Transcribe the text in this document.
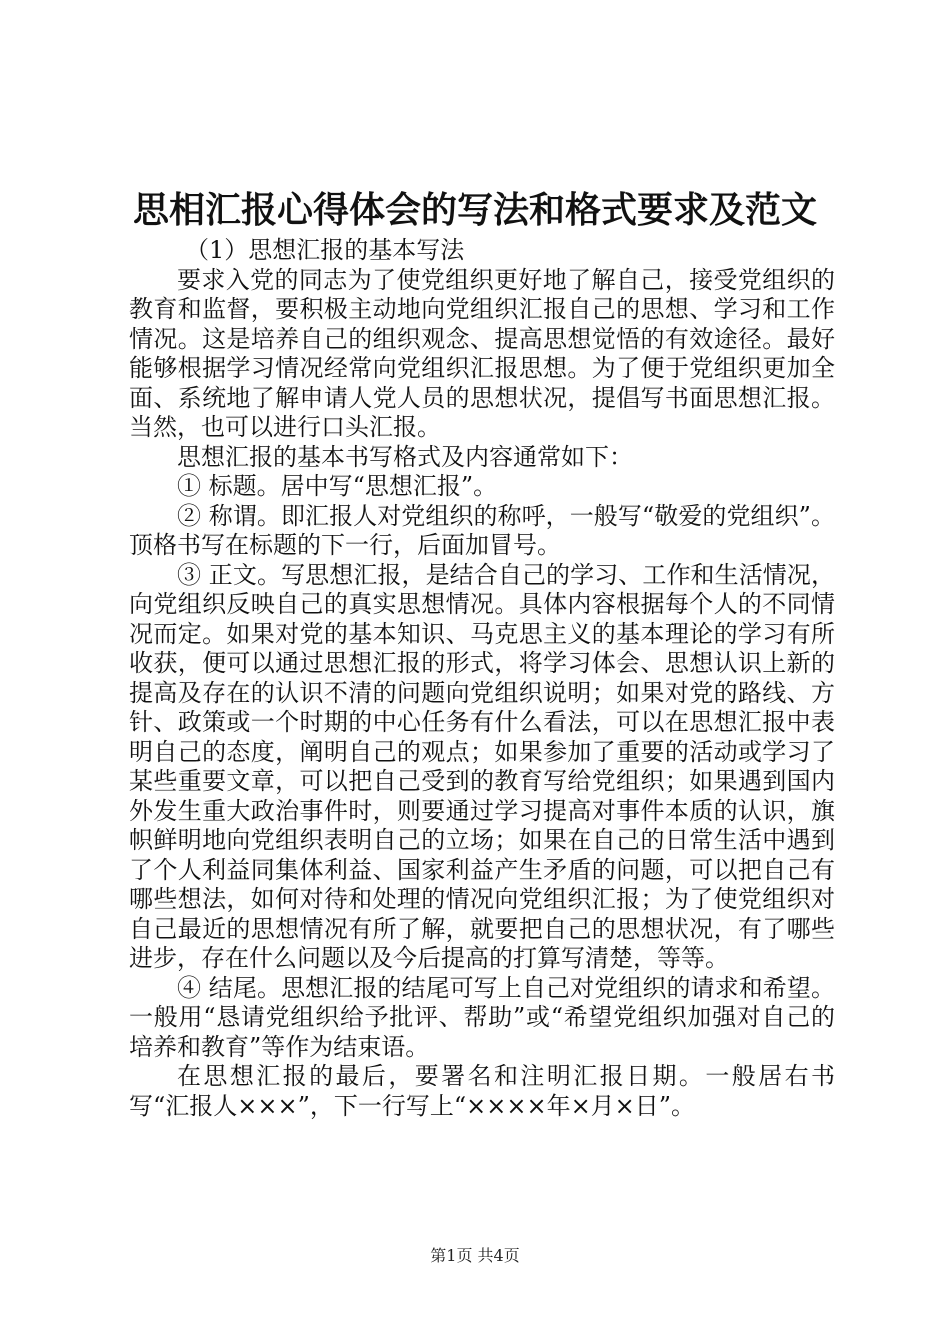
思相汇报心得体会的写法和格式要求及范文

（1）思想汇报的基本写法

要求入党的同志为了使党组织更好地了解自己，接受党组织的教育和监督，要积极主动地向党组织汇报自己的思想、学习和工作情况。这是培养自己的组织观念、提高思想觉悟的有效途径。最好能够根据学习情况经常向党组织汇报思想。为了便于党组织更加全面、系统地了解申请人党人员的思想状况，提倡写书面思想汇报。当然，也可以进行口头汇报。

思想汇报的基本书写格式及内容通常如下：

① 标题。居中写“思想汇报”。

② 称谓。即汇报人对党组织的称呼，一般写“敬爱的党组织”。顶格书写在标题的下一行，后面加冒号。

③ 正文。写思想汇报，是结合自己的学习、工作和生活情况，向党组织反映自己的真实思想情况。具体内容根据每个人的不同情况而定。如果对党的基本知识、马克思主义的基本理论的学习有所收获，便可以通过思想汇报的形式，将学习体会、思想认识上新的提高及存在的认识不清的问题向党组织说明；如果对党的路线、方针、政策或一个时期的中心任务有什么看法，可以在思想汇报中表明自己的态度，阐明自己的观点；如果参加了重要的活动或学习了某些重要文章，可以把自己受到的教育写给党组织；如果遇到国内外发生重大政治事件时，则要通过学习提高对事件本质的认识，旗帜鲜明地向党组织表明自己的立场；如果在自己的日常生活中遇到了个人利益同集体利益、国家利益产生矛盾的问题，可以把自己有哪些想法，如何对待和处理的情况向党组织汇报；为了使党组织对自己最近的思想情况有所了解，就要把自己的思想状况，有了哪些进步，存在什么问题以及今后提高的打算写清楚，等等。

④ 结尾。思想汇报的结尾可写上自己对党组织的请求和希望。一般用“恳请党组织给予批评、帮助”或“希望党组织加强对自己的培养和教育”等作为结束语。

在思想汇报的最后，要署名和注明汇报日期。一般居右书写“汇报人×××”，下一行写上“××××年×月×日”。

第1页 共4页
